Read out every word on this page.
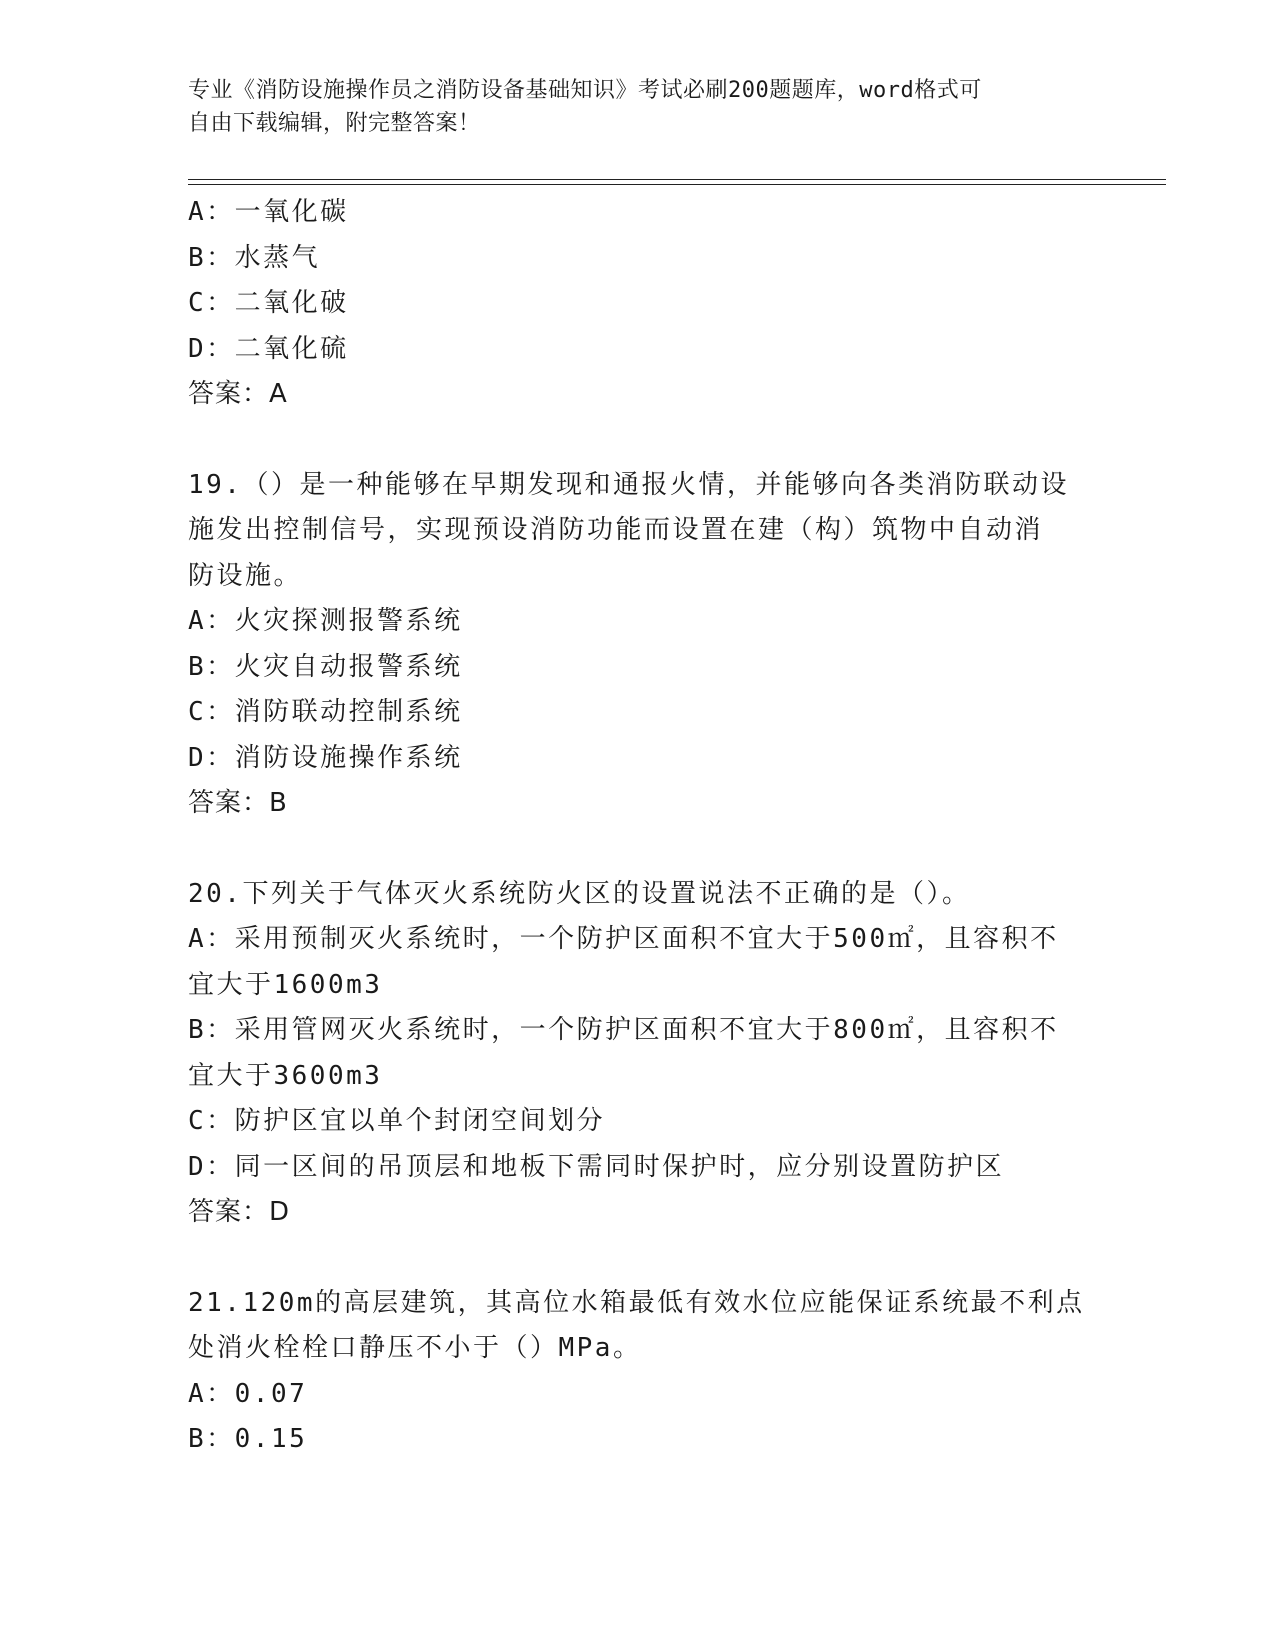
专业《消防设施操作员之消防设备基础知识》考试必刷200题题库，word格式可
自由下载编辑，附完整答案！
A：一氧化碳
B：水蒸气
C：二氧化破
D：二氧化硫
答案：A
19.（）是一种能够在早期发现和通报火情，并能够向各类消防联动设
施发出控制信号，实现预设消防功能而设置在建（构）筑物中自动消
防设施。
A：火灾探测报警系统
B：火灾自动报警系统
C：消防联动控制系统
D：消防设施操作系统
答案：B
20.下列关于气体灭火系统防火区的设置说法不正确的是（）。
A：采用预制灭火系统时，一个防护区面积不宜大于500㎡，且容积不
宜大于1600m3
B：采用管网灭火系统时，一个防护区面积不宜大于800㎡，且容积不
宜大于3600m3
C：防护区宜以单个封闭空间划分
D：同一区间的吊顶层和地板下需同时保护时，应分别设置防护区
答案：D
21.120m的高层建筑，其高位水箱最低有效水位应能保证系统最不利点
处消火栓栓口静压不小于（）MPa。
A：0.07
B：0.15
